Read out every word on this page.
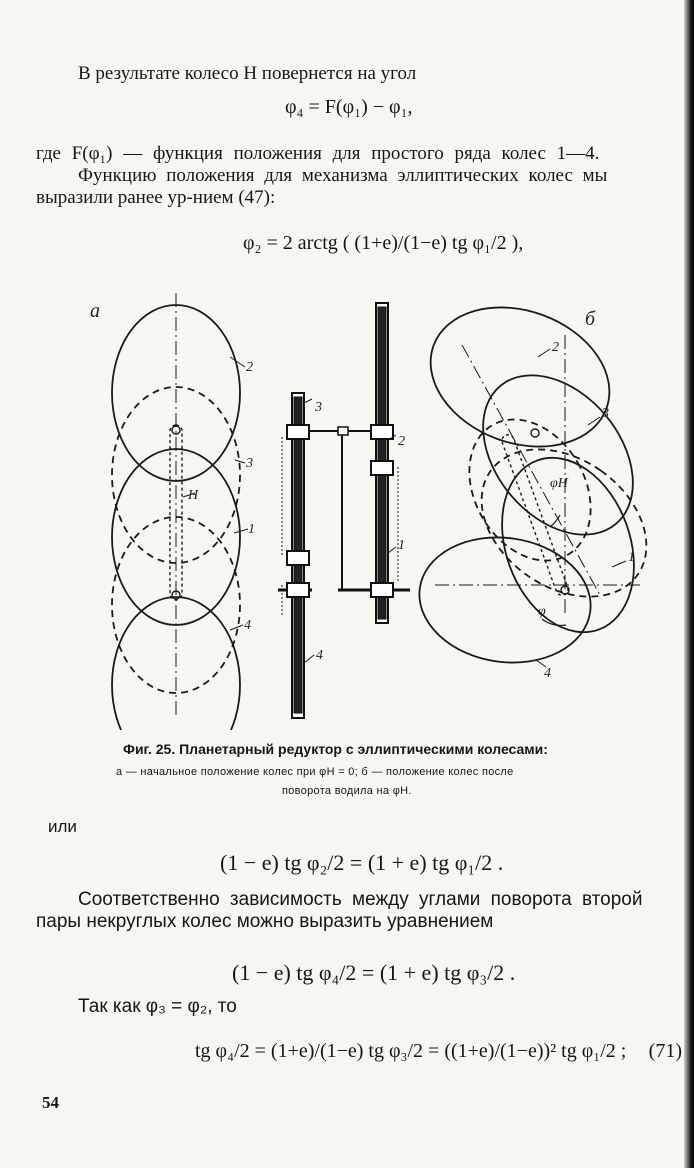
В результате колесо H повернется на угол
φ₄ = F(φ₁) − φ₁,
где F(φ₁) — функция положения для простого ряда колес 1—4.
Функцию положения для механизма эллиптических колес мы
выразили ранее ур-нием (47):
φ₂ = 2 arctg ( (1+e)/(1−e) tg φ₁/2 ),
а	б
2
3
1
4
H
3
2
1
4
2
3
1
4
φH
φ
Фиг. 25. Планетарный редуктор с эллиптическими колесами:
а — начальное положение колес при φH = 0; б — положение колес после
поворота водила на φH.
или
(1 − e) tg φ₂/2 = (1 + e) tg φ₁/2 .
Соответственно зависимость между углами поворота второй
пары некруглых колес можно выразить уравнением
(1 − e) tg φ₄/2 = (1 + e) tg φ₃/2 .
Так как φ₃ = φ₂, то
tg φ₄/2 = (1+e)/(1−e) tg φ₃/2 = ((1+e)/(1−e))² tg φ₁/2 ; (71)
54
